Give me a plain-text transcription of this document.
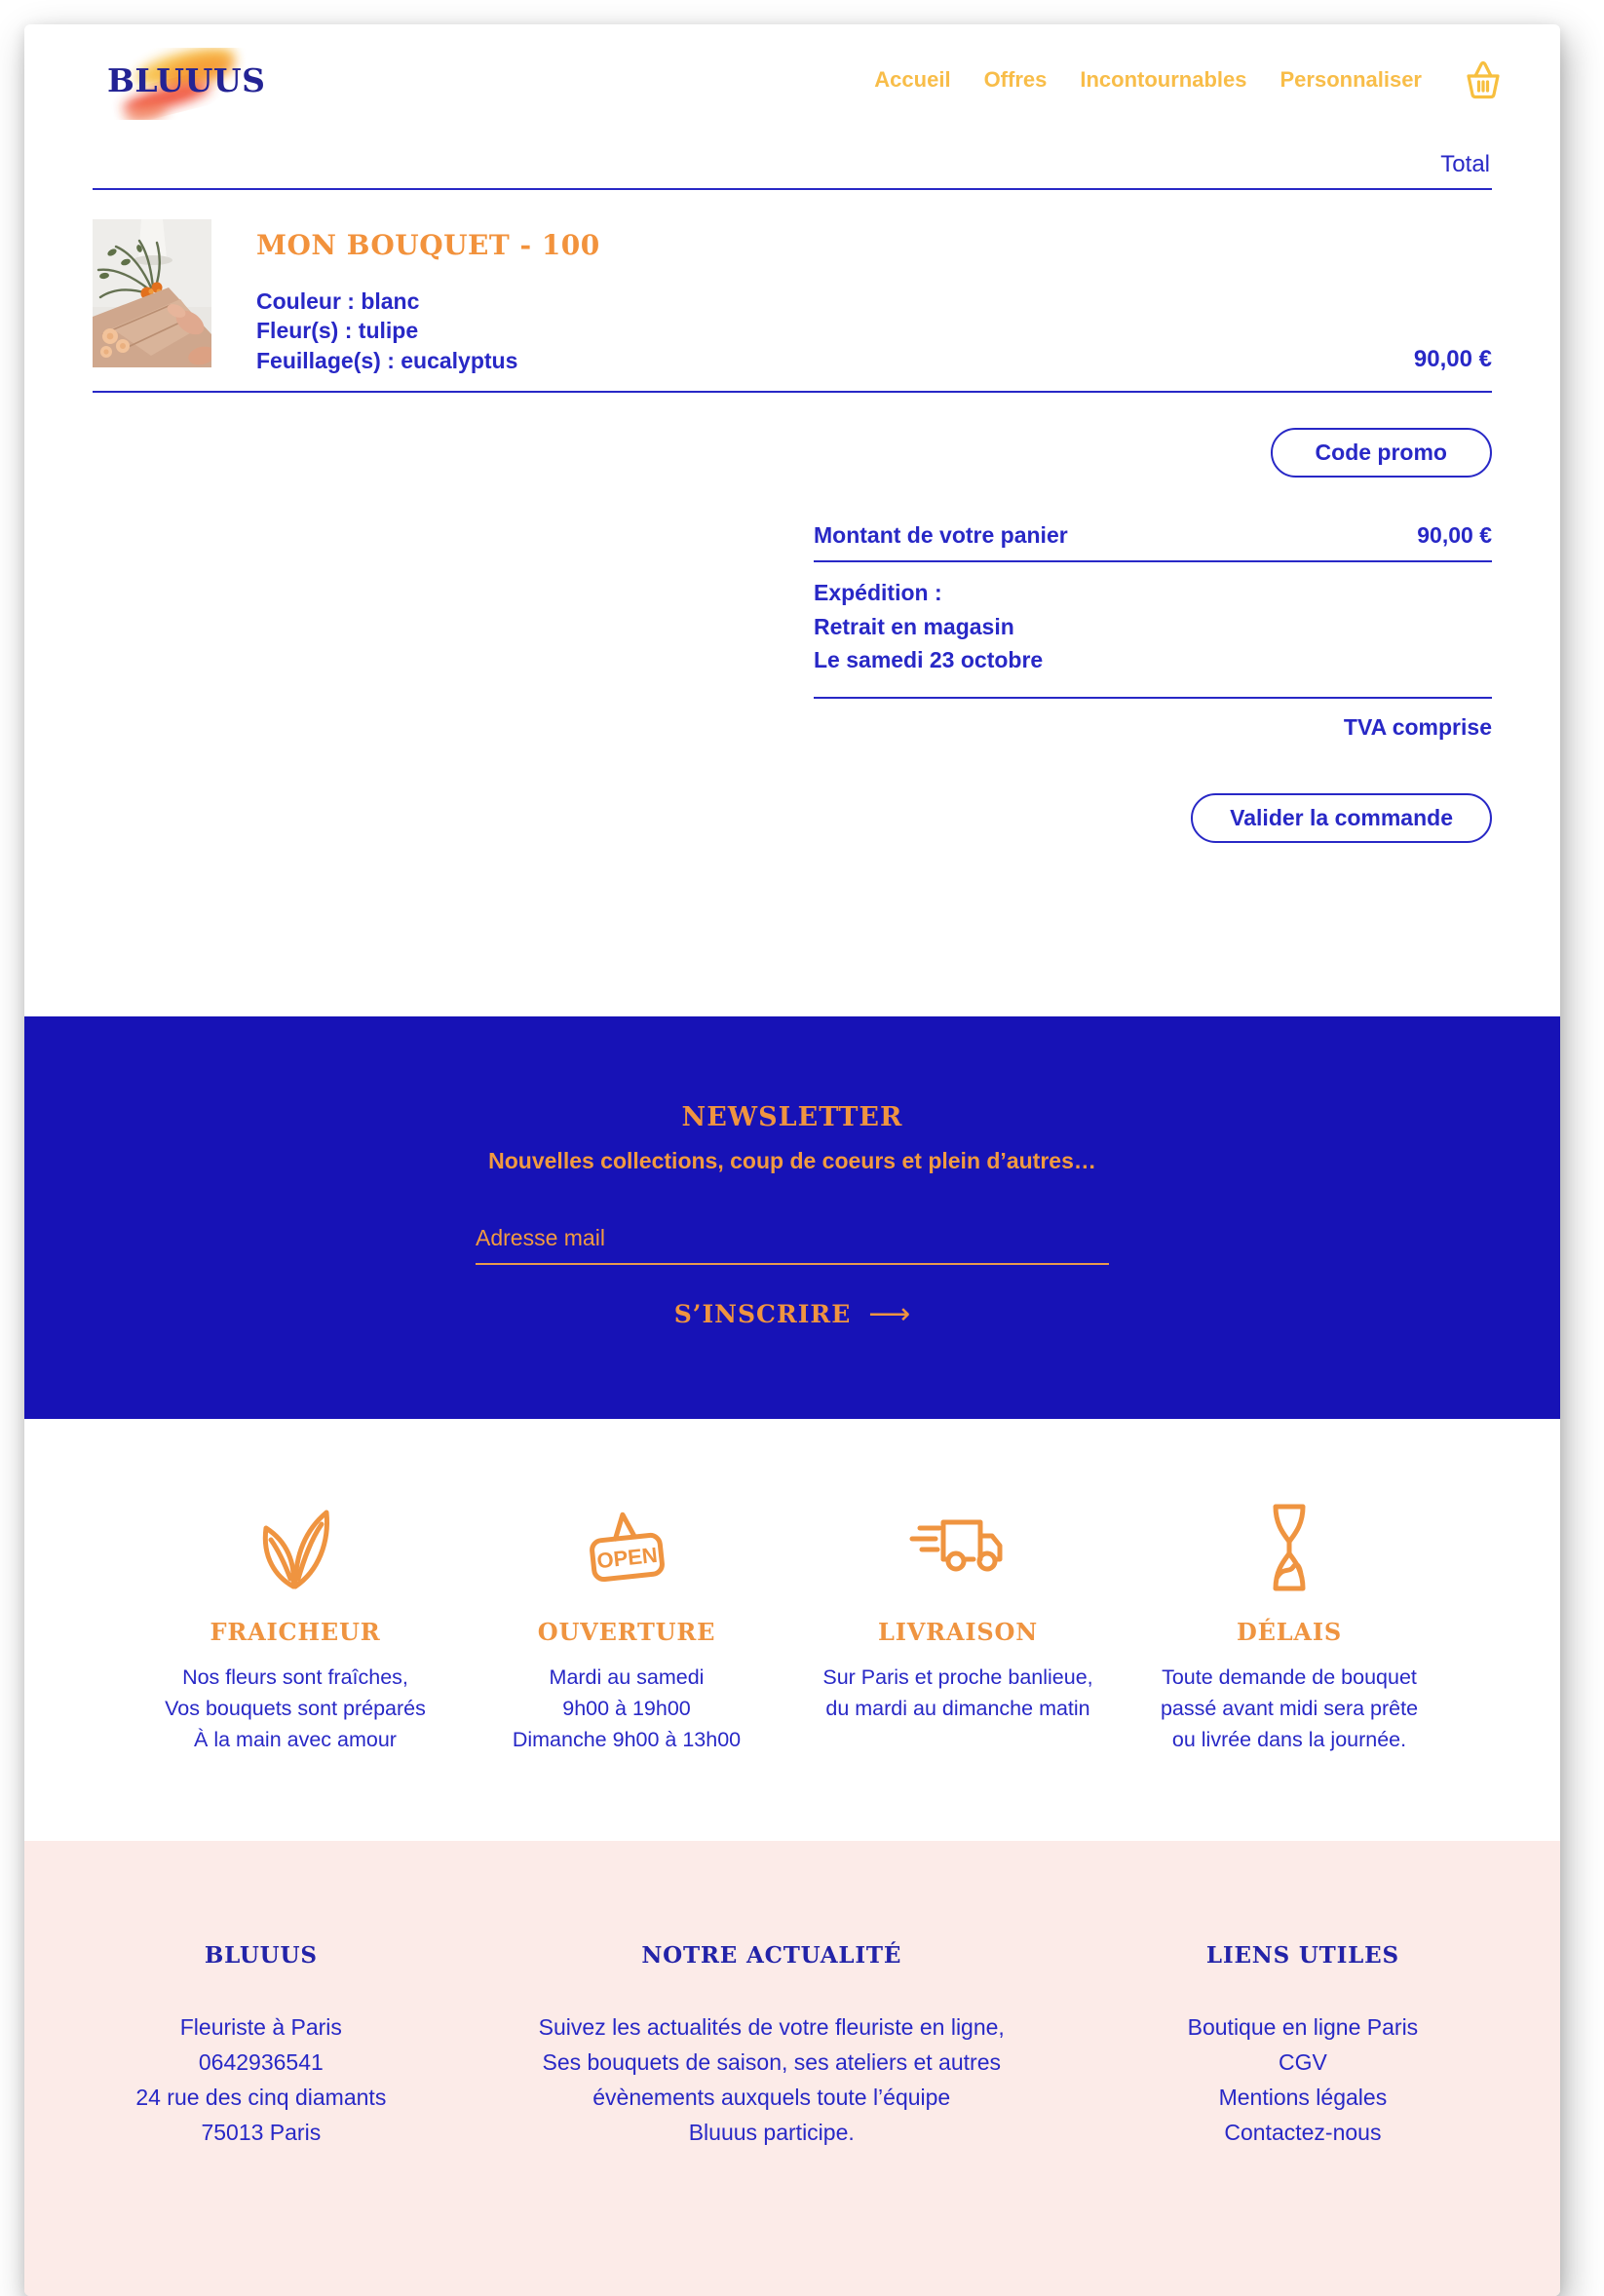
BLUUUS	Accueil Offres Incontournables Personnaliser
Total
MON BOUQUET - 100
Couleur : blanc
Fleur(s) : tulipe
Feuillage(s) : eucalyptus	90,00 €
Code promo
Montant de votre panier	90,00 €
Expédition :
Retrait en magasin
Le samedi 23 octobre
TVA comprise
Valider la commande
NEWSLETTER
Nouvelles collections, coup de coeurs et plein d’autres…
Adresse mail
S’INSCRIRE ⟶
FRAICHEUR
Nos fleurs sont fraîches,
Vos bouquets sont préparés
À la main avec amour
OPEN
OUVERTURE
Mardi au samedi
9h00 à 19h00
Dimanche 9h00 à 13h00
LIVRAISON
Sur Paris et proche banlieue,
du mardi au dimanche matin
DÉLAIS
Toute demande de bouquet
passé avant midi sera prête
ou livrée dans la journée.
BLUUUS
Fleuriste à Paris
0642936541
24 rue des cinq diamants
75013 Paris
NOTRE ACTUALITÉ
Suivez les actualités de votre fleuriste en ligne,
Ses bouquets de saison, ses ateliers et autres
évènements auxquels toute l’équipe
Bluuus participe.
LIENS UTILES
Boutique en ligne Paris
CGV
Mentions légales
Contactez-nous
